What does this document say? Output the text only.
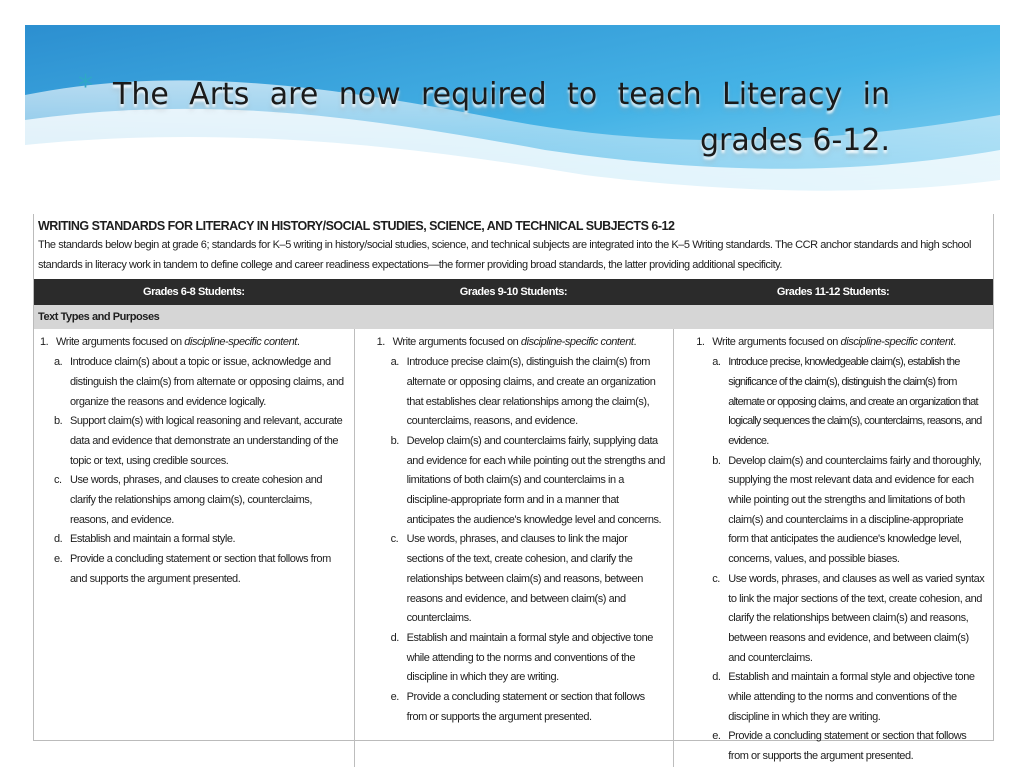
* The Arts are now required to teach Literacy in grades 6-12.
WRITING STANDARDS FOR LITERACY IN HISTORY/SOCIAL STUDIES, SCIENCE, AND TECHNICAL SUBJECTS 6-12
The standards below begin at grade 6; standards for K–5 writing in history/social studies, science, and technical subjects are integrated into the K–5 Writing standards. The CCR anchor standards and high school standards in literacy work in tandem to define college and career readiness expectations—the former providing broad standards, the latter providing additional specificity.
Grades 6-8 Students:	Grades 9-10 Students:	Grades 11-12 Students:
Text Types and Purposes
1. Write arguments focused on discipline-specific content.
a. Introduce claim(s) about a topic or issue, acknowledge and distinguish the claim(s) from alternate or opposing claims, and organize the reasons and evidence logically.
b. Support claim(s) with logical reasoning and relevant, accurate data and evidence that demonstrate an understanding of the topic or text, using credible sources.
c. Use words, phrases, and clauses to create cohesion and clarify the relationships among claim(s), counterclaims, reasons, and evidence.
d. Establish and maintain a formal style.
e. Provide a concluding statement or section that follows from and supports the argument presented.
1. Write arguments focused on discipline-specific content.
a. Introduce precise claim(s), distinguish the claim(s) from alternate or opposing claims, and create an organization that establishes clear relationships among the claim(s), counterclaims, reasons, and evidence.
b. Develop claim(s) and counterclaims fairly, supplying data and evidence for each while pointing out the strengths and limitations of both claim(s) and counterclaims in a discipline-appropriate form and in a manner that anticipates the audience's knowledge level and concerns.
c. Use words, phrases, and clauses to link the major sections of the text, create cohesion, and clarify the relationships between claim(s) and reasons, between reasons and evidence, and between claim(s) and counterclaims.
d. Establish and maintain a formal style and objective tone while attending to the norms and conventions of the discipline in which they are writing.
e. Provide a concluding statement or section that follows from or supports the argument presented.
1. Write arguments focused on discipline-specific content.
a. Introduce precise, knowledgeable claim(s), establish the significance of the claim(s), distinguish the claim(s) from alternate or opposing claims, and create an organization that logically sequences the claim(s), counterclaims, reasons, and evidence.
b. Develop claim(s) and counterclaims fairly and thoroughly, supplying the most relevant data and evidence for each while pointing out the strengths and limitations of both claim(s) and counterclaims in a discipline-appropriate form that anticipates the audience's knowledge level, concerns, values, and possible biases.
c. Use words, phrases, and clauses as well as varied syntax to link the major sections of the text, create cohesion, and clarify the relationships between claim(s) and reasons, between reasons and evidence, and between claim(s) and counterclaims.
d. Establish and maintain a formal style and objective tone while attending to the norms and conventions of the discipline in which they are writing.
e. Provide a concluding statement or section that follows from or supports the argument presented.
